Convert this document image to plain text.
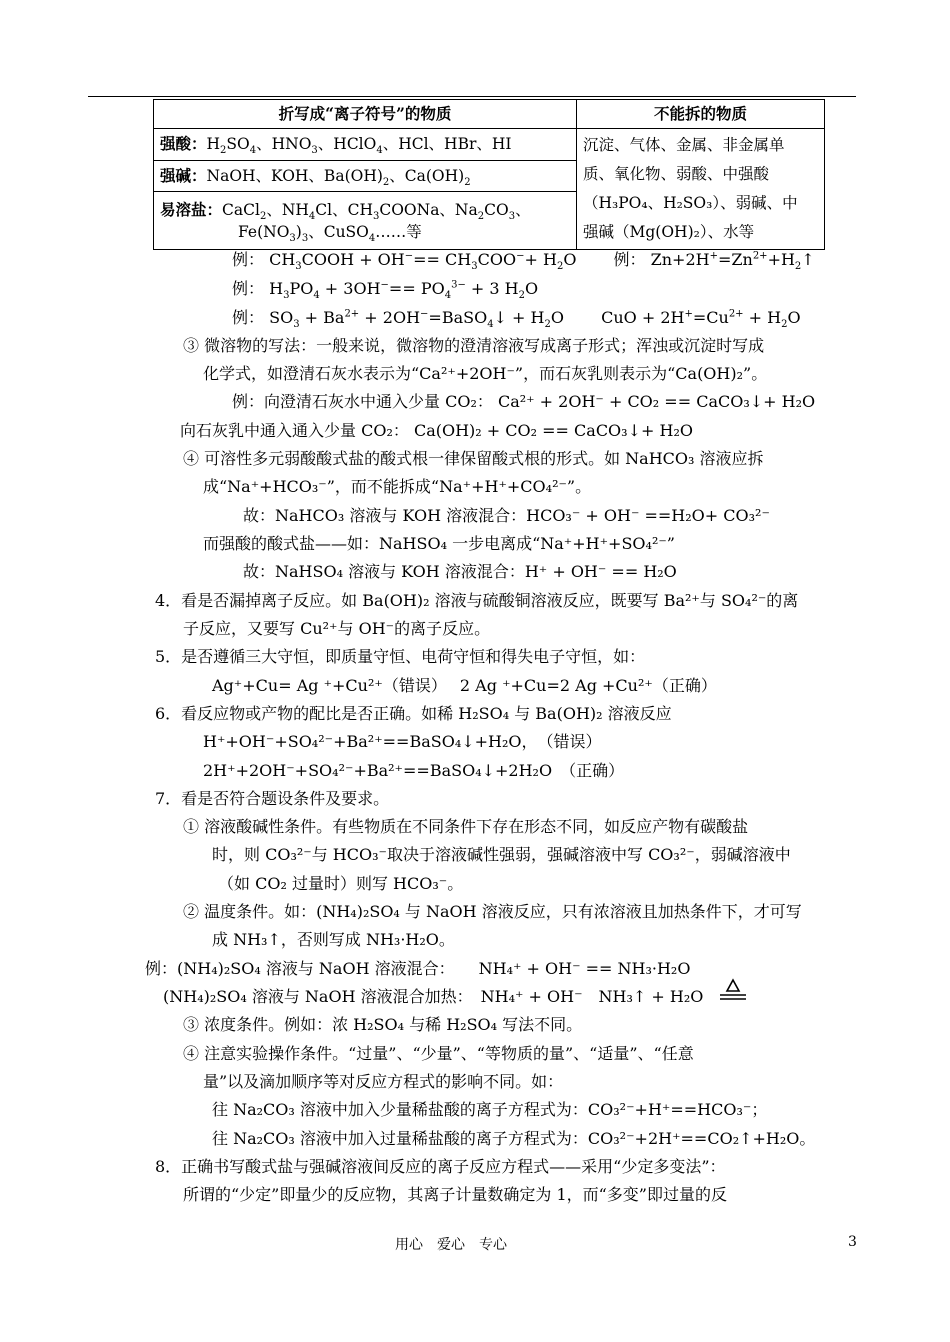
折写成“离子符号”的物质	不能拆的物质
强酸：$H_2SO_4$、$HNO_3$、HClO$_4$、HCl、HBr、HI	沉淀、气体、金属、非金属单
质、氧化物、弱酸、中强酸
（H₃PO₄、H₂SO₃）、弱碱、中
强碱（Mg(OH)₂）、水等

强碱：NaOH、KOH、$Ba(OH)_2$、$Ca(OH)_2$
易溶盐：CaCl$_2$、$NH_4Cl$、$CH_3COONa$、$Na_2CO_3$、
$Fe(NO_3)_3$、CuSO$_4$……等	
例： $CH_3COOH + OH^-== CH_3COO^-+ H_2O$　　 例： $Zn+2H^+=Zn^{2+}+H_2↑$
例： $H_3PO_4 + 3OH^-== PO_4^{3-} + 3$ $H_2O$
例： $SO_3 + Ba^{2+}$ + 2OH−=BaSO$_4$↓ + $H_2O$　　 CuO + $2H^+=Cu^{2+} + H_2O$
③ 微溶物的写法：一般来说，微溶物的澄清溶液写成离子形式；浑浊或沉淀时写成
化学式，如澄清石灰水表示为“Ca²⁺+2OH⁻”，而石灰乳则表示为“Ca(OH)₂”。
例：向澄清石灰水中通入少量 CO₂： Ca²⁺ + 2OH⁻ + CO₂ == CaCO₃↓+ H₂O
向石灰乳中通入通入少量 CO₂： Ca(OH)₂ + CO₂ == CaCO₃↓+ H₂O
④ 可溶性多元弱酸酸式盐的酸式根一律保留酸式根的形式。如 NaHCO₃ 溶液应拆
成“Na⁺+HCO₃⁻”，而不能拆成“Na⁺+H⁺+CO₄²⁻”。
故：NaHCO₃ 溶液与 KOH 溶液混合：HCO₃⁻ + OH⁻ ==H₂O+ CO₃²⁻
而强酸的酸式盐——如：NaHSO₄ 一步电离成“Na⁺+H⁺+SO₄²⁻”
故：NaHSO₄ 溶液与 KOH 溶液混合：H⁺ + OH⁻ == H₂O
4．看是否漏掉离子反应。如 Ba(OH)₂ 溶液与硫酸铜溶液反应，既要写 Ba²⁺与 SO₄²⁻的离
子反应，又要写 Cu²⁺与 OH⁻的离子反应。
5．是否遵循三大守恒，即质量守恒、电荷守恒和得失电子守恒，如：
Ag⁺+Cu= Ag ⁺+Cu²⁺（错误）　 2 Ag ⁺+Cu=2 Ag +Cu²⁺（正确）
6．看反应物或产物的配比是否正确。如稀 H₂SO₄ 与 Ba(OH)₂ 溶液反应
H⁺+OH⁻+SO₄²⁻+Ba²⁺==BaSO₄↓+H₂O，　（错误）
2H⁺+2OH⁻+SO₄²⁻+Ba²⁺==BaSO₄↓+2H₂O　（正确）
7．看是否符合题设条件及要求。
① 溶液酸碱性条件。有些物质在不同条件下存在形态不同，如反应产物有碳酸盐
时，则 CO₃²⁻与 HCO₃⁻取决于溶液碱性强弱，强碱溶液中写 CO₃²⁻，弱碱溶液中
（如 CO₂ 过量时）则写 HCO₃⁻。
② 温度条件。如：(NH₄)₂SO₄ 与 NaOH 溶液反应，只有浓溶液且加热条件下，才可写
成 NH₃↑，否则写成 NH₃·H₂O。
例：(NH₄)₂SO₄ 溶液与 NaOH 溶液混合：　　NH₄⁺ + OH⁻ == NH₃·H₂O
(NH₄)₂SO₄ 溶液与 NaOH 溶液混合加热：　NH₄⁺ + OH⁻　NH₃↑ + H₂O
③ 浓度条件。例如：浓 H₂SO₄ 与稀 H₂SO₄ 写法不同。
④ 注意实验操作条件。“过量”、“少量”、“等物质的量”、“适量”、“任意
量”以及滴加顺序等对反应方程式的影响不同。如：
往 Na₂CO₃ 溶液中加入少量稀盐酸的离子方程式为：CO₃²⁻+H⁺==HCO₃⁻；
往 Na₂CO₃ 溶液中加入过量稀盐酸的离子方程式为：CO₃²⁻+2H⁺==CO₂↑+H₂O。
8．正确书写酸式盐与强碱溶液间反应的离子反应方程式——采用“少定多变法”：
所谓的“少定”即量少的反应物，其离子计量数确定为 1，而“多变”即过量的反
用心　爱心　专心	3
